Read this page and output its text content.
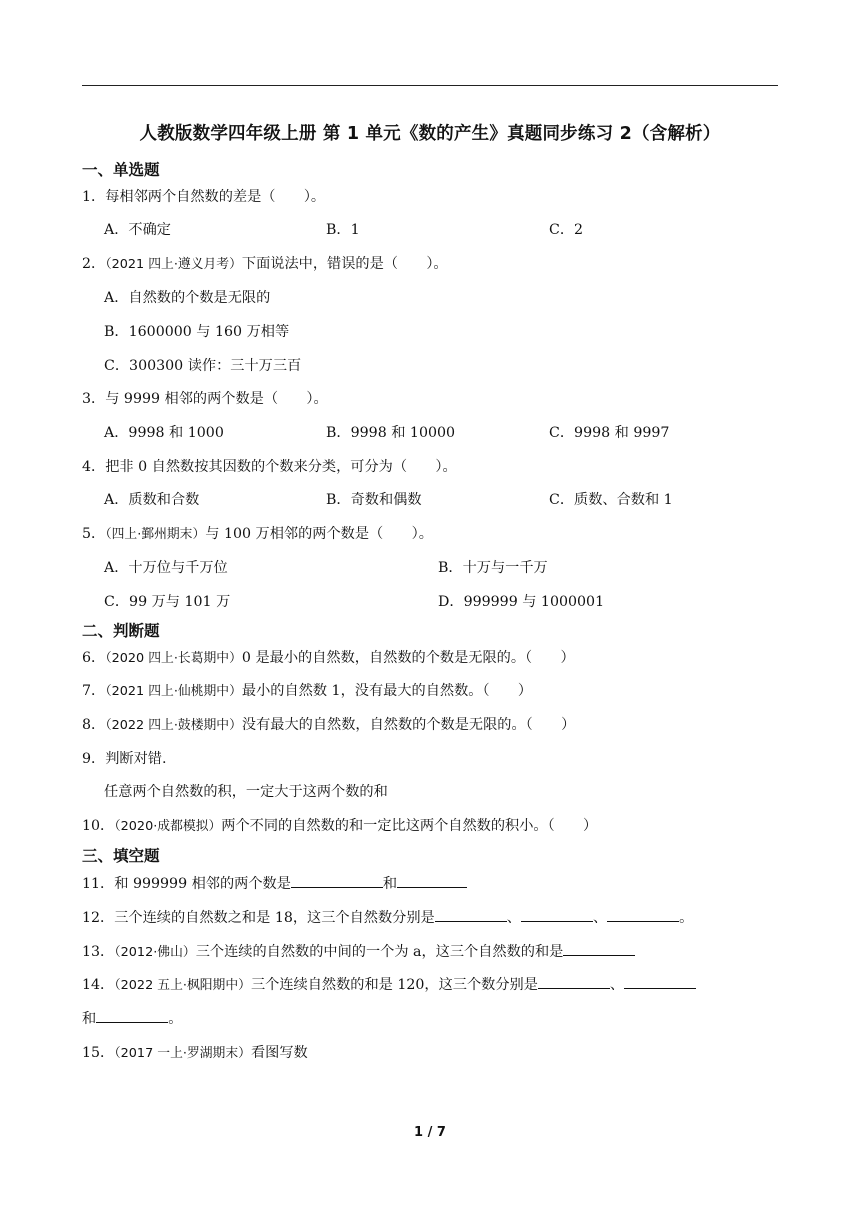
人教版数学四年级上册 第 1 单元《数的产生》真题同步练习 2（含解析）
一、单选题
1．每相邻两个自然数的差是（　　）。
A．不确定	B．1	C．2
2．（2021 四上·遵义月考）下面说法中，错误的是（　　）。
A．自然数的个数是无限的
B．1600000 与 160 万相等
C．300300 读作：三十万三百
3．与 9999 相邻的两个数是（　　）。
A．9998 和 1000	B．9998 和 10000	C．9998 和 9997
4．把非 0 自然数按其因数的个数来分类，可分为（　　）。
A．质数和合数	B．奇数和偶数	C．质数、合数和 1
5．（四上·鄞州期末）与 100 万相邻的两个数是（　　）。
A．十万位与千万位	B．十万与一千万
C．99 万与 101 万	D．999999 与 1000001
二、判断题
6．（2020 四上·长葛期中）0 是最小的自然数，自然数的个数是无限的。（　　）
7．（2021 四上·仙桃期中）最小的自然数 1，没有最大的自然数。（　　）
8．（2022 四上·鼓楼期中）没有最大的自然数，自然数的个数是无限的。（　　）
9．判断对错.
任意两个自然数的积，一定大于这两个数的和
10．（2020·成都模拟）两个不同的自然数的和一定比这两个自然数的积小。（　　）
三、填空题
11．和 999999 相邻的两个数是	和
12．三个连续的自然数之和是 18，这三个自然数分别是	、	、	。
13．（2012·佛山）三个连续的自然数的中间的一个为 a，这三个自然数的和是
14．（2022 五上·枫阳期中）三个连续自然数的和是 120，这三个数分别是	、
和	。
15．（2017 一上·罗湖期末）看图写数
1 / 7
